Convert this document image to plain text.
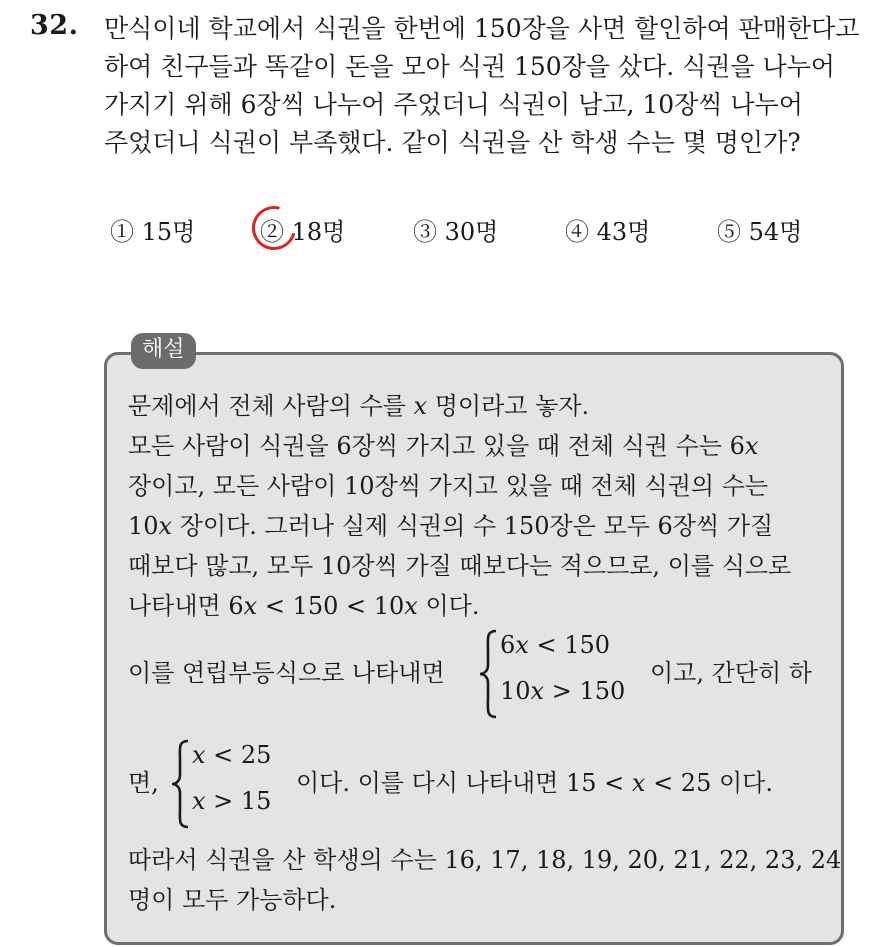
32. 만식이네 학교에서 식권을 한번에 150장을 사면 할인하여 판매한다고
하여 친구들과 똑같이 돈을 모아 식권 150장을 샀다. 식권을 나누어
가지기 위해 6장씩 나누어 주었더니 식권이 남고, 10장씩 나누어
주었더니 식권이 부족했다. 같이 식권을 산 학생 수는 몇 명인가?
① 15명	② 18명	③ 30명	④ 43명	⑤ 54명
해설
문제에서 전체 사람의 수를 x 명이라고 놓자.
모든 사람이 식권을 6장씩 가지고 있을 때 전체 식권 수는 6x
장이고, 모든 사람이 10장씩 가지고 있을 때 전체 식권의 수는
10x 장이다. 그러나 실제 식권의 수 150장은 모두 6장씩 가질
때보다 많고, 모두 10장씩 가질 때보다는 적으므로, 이를 식으로
나타내면 6x < 150 < 10x 이다.
이를 연립부등식으로 나타내면
6x < 150
10x > 150
이고, 간단히 하
면,
x < 25
x > 15
이다. 이를 다시 나타내면 15 < x < 25 이다.
따라서 식권을 산 학생의 수는 16, 17, 18, 19, 20, 21, 22, 23, 24
명이 모두 가능하다.
